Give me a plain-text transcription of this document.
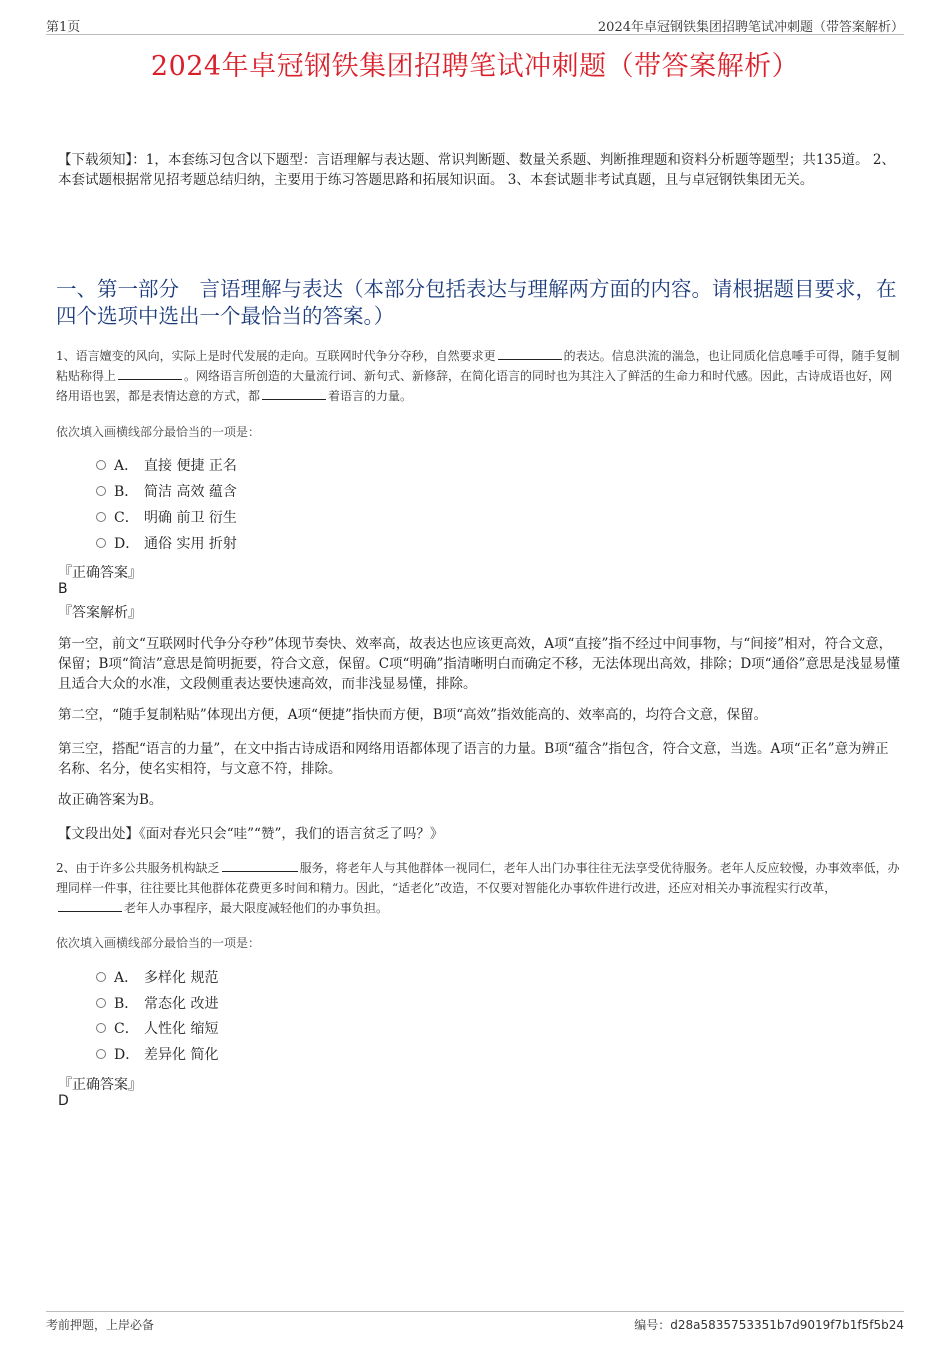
第1页	2024年卓冠钢铁集团招聘笔试冲刺题（带答案解析）
2024年卓冠钢铁集团招聘笔试冲刺题（带答案解析）
【下载须知】：1，本套练习包含以下题型：言语理解与表达题、常识判断题、数量关系题、判断推理题和资料分析题等题型；共135道。 2、本套试题根据常见招考题总结归纳，主要用于练习答题思路和拓展知识面。 3、本套试题非考试真题，且与卓冠钢铁集团无关。
一、第一部分　言语理解与表达（本部分包括表达与理解两方面的内容。请根据题目要求，在四个选项中选出一个最恰当的答案。）
1、语言嬗变的风向，实际上是时代发展的走向。互联网时代争分夺秒，自然要求更	的表达。信息洪流的湍急，也让同质化信息唾手可得，随手复制粘贴称得上	。网络语言所创造的大量流行词、新句式、新修辞，在简化语言的同时也为其注入了鲜活的生命力和时代感。因此，古诗成语也好，网络用语也罢，都是表情达意的方式，都	着语言的力量。
依次填入画横线部分最恰当的一项是：
A． 直接 便捷 正名
B． 简洁 高效 蕴含
C． 明确 前卫 衍生
D． 通俗 实用 折射
『正确答案』
B
『答案解析』
第一空，前文“互联网时代争分夺秒”体现节奏快、效率高，故表达也应该更高效，A项“直接”指不经过中间事物，与“间接”相对，符合文意，保留；B项“简洁”意思是简明扼要，符合文意，保留。C项“明确”指清晰明白而确定不移，无法体现出高效，排除；D项“通俗”意思是浅显易懂且适合大众的水准，文段侧重表达要快速高效，而非浅显易懂，排除。
第二空，“随手复制粘贴”体现出方便，A项“便捷”指快而方便，B项“高效”指效能高的、效率高的，均符合文意，保留。
第三空，搭配“语言的力量”，在文中指古诗成语和网络用语都体现了语言的力量。B项“蕴含”指包含，符合文意，当选。A项“正名”意为辨正名称、名分，使名实相符，与文意不符，排除。
故正确答案为B。
【文段出处】《面对春光只会“哇”“赞”，我们的语言贫乏了吗？》
2、由于许多公共服务机构缺乏	服务，将老年人与其他群体一视同仁，老年人出门办事往往无法享受优待服务。老年人反应较慢，办事效率低，办理同样一件事，往往要比其他群体花费更多时间和精力。因此，“适老化”改造，不仅要对智能化办事软件进行改进，还应对相关办事流程实行改革，老年人办事程序，最大限度减轻他们的办事负担。
依次填入画横线部分最恰当的一项是：
A． 多样化 规范
B． 常态化 改进
C． 人性化 缩短
D． 差异化 简化
『正确答案』
D
考前押题，上岸必备	编号：d28a5835753351b7d9019f7b1f5f5b24
